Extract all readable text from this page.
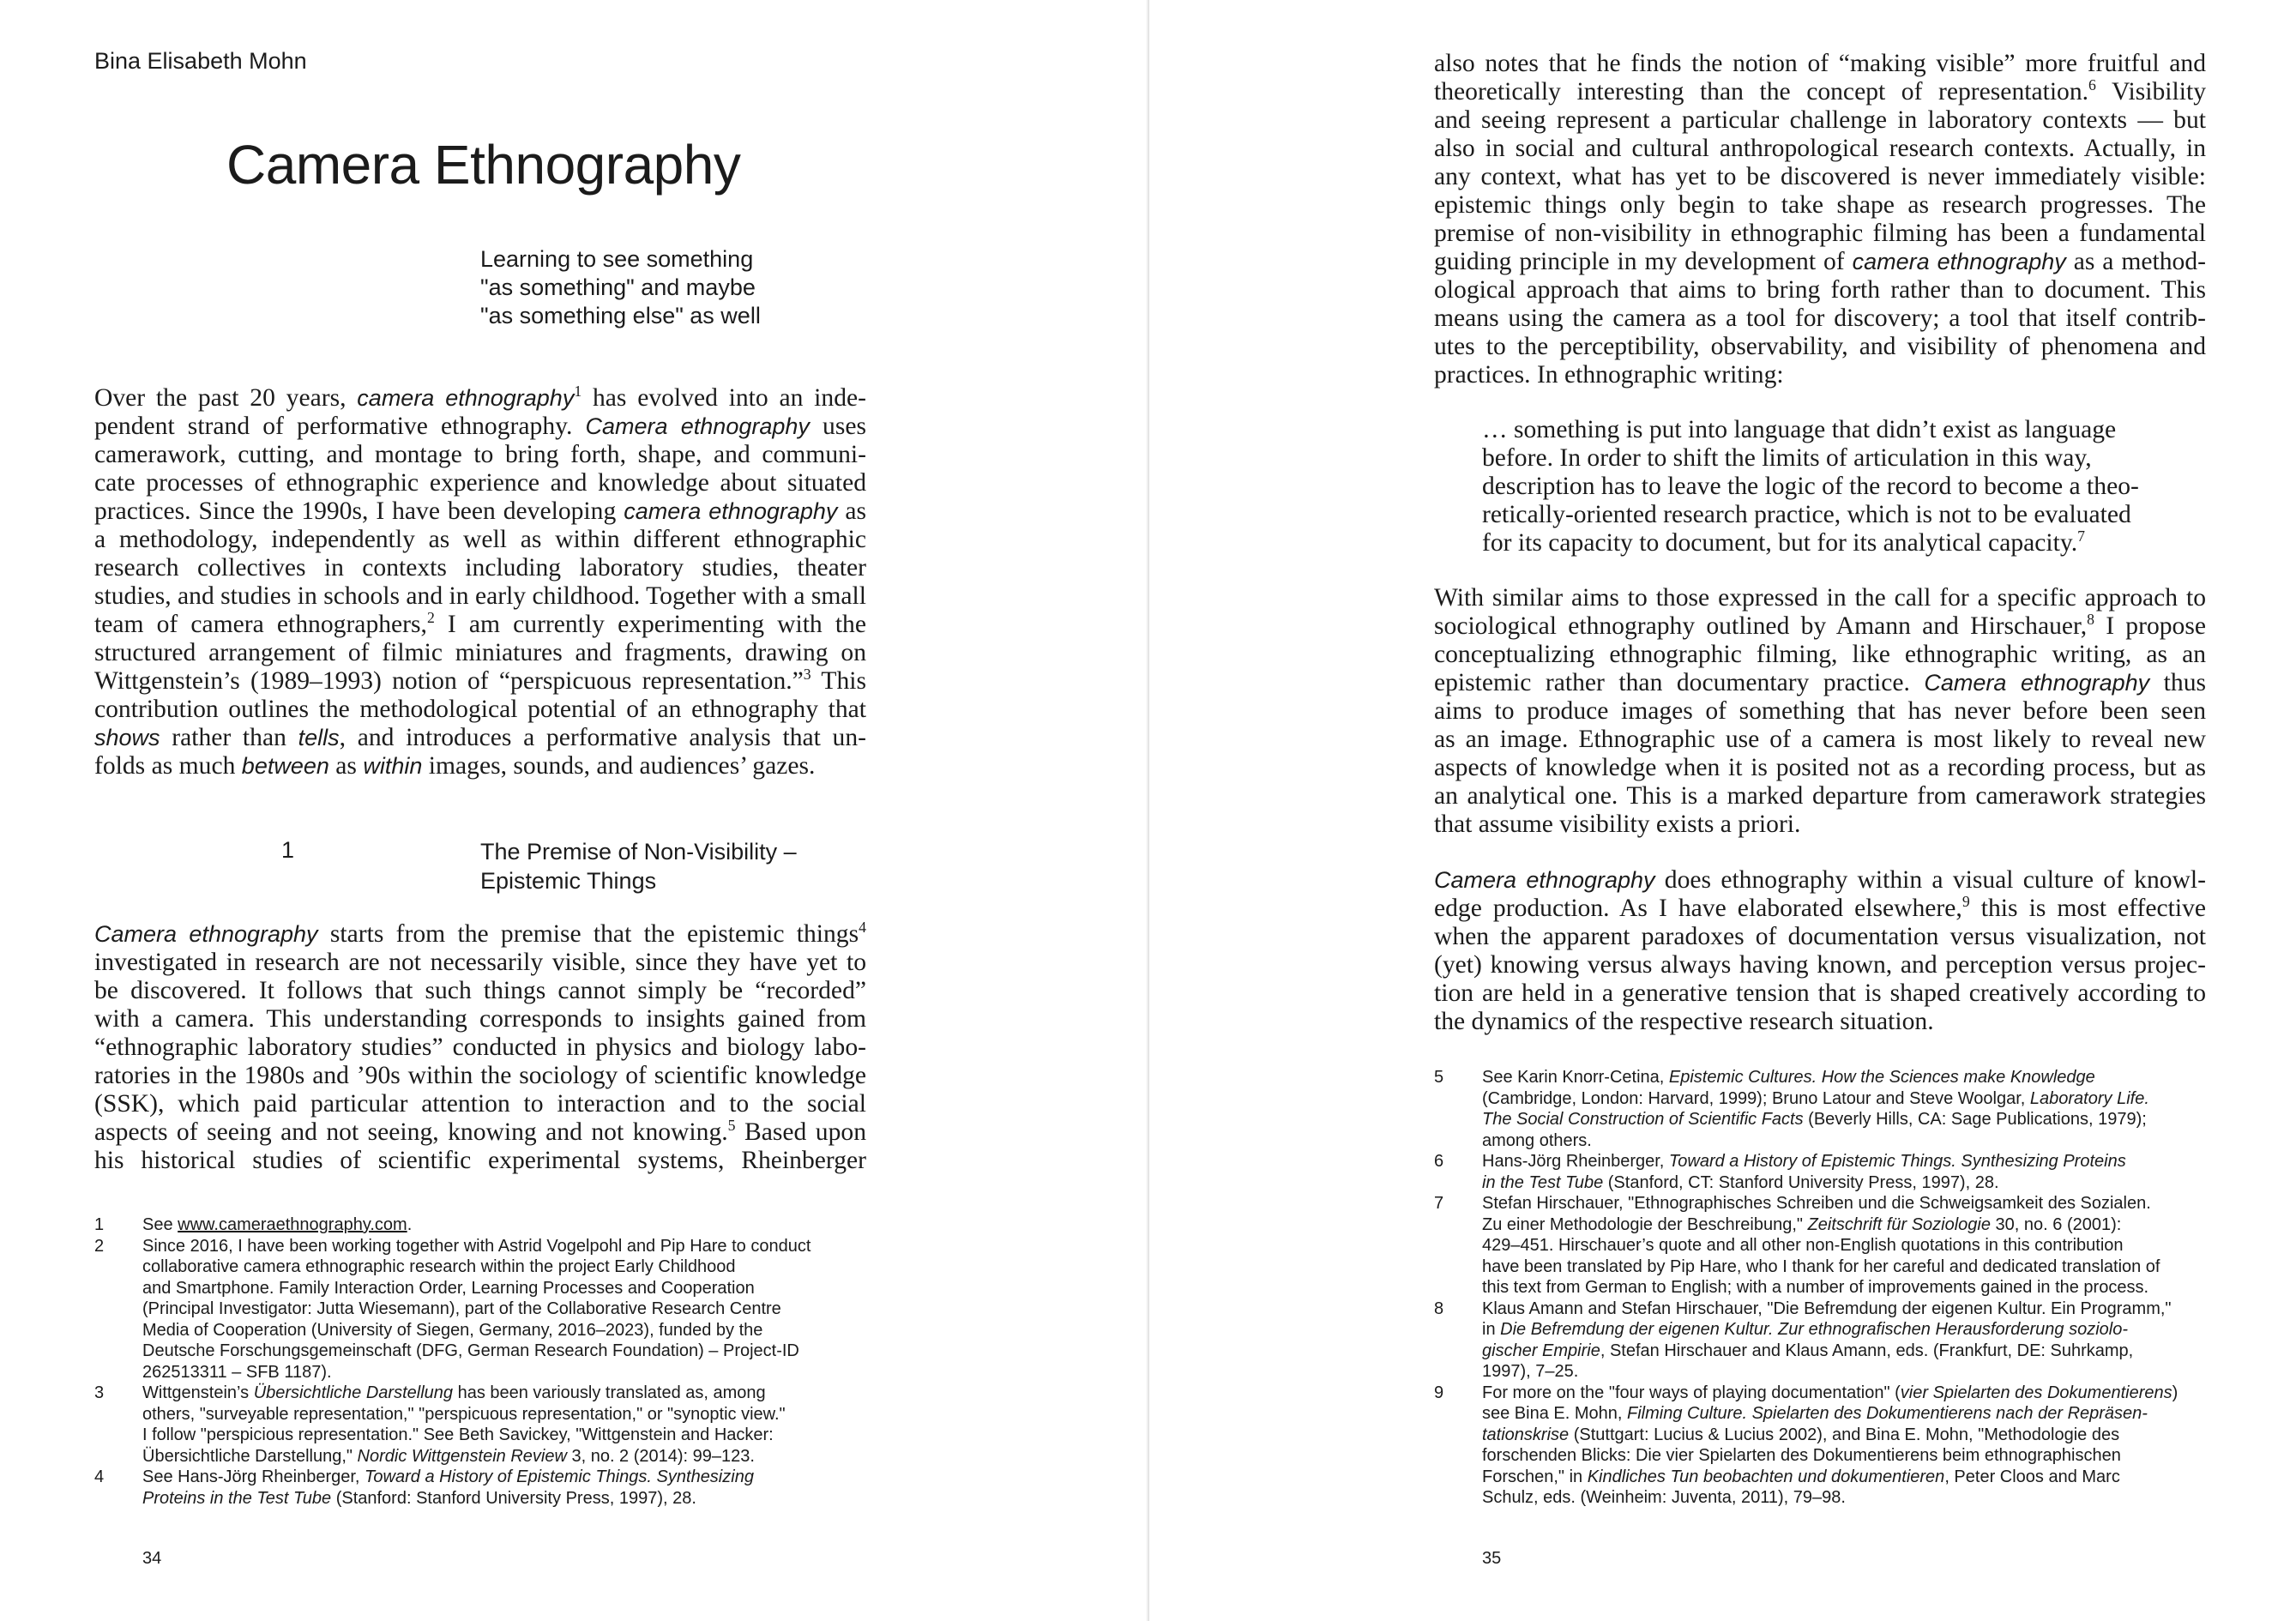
Bina Elisabeth Mohn
Camera Ethnography
Learning to see something
"as something" and maybe
"as something else" as well
Over the past 20 years, camera ethnography$^1$ has evolved into an inde-
pendent strand of performative ethnography. Camera ethnography uses
camerawork, cutting, and montage to bring forth, shape, and communi-
cate processes of ethnographic experience and knowledge about situated
practices. Since the 1990s, I have been developing camera ethnography as
a methodology, independently as well as within different ethnographic
research collectives in contexts including laboratory studies, theater
studies, and studies in schools and in early childhood. Together with a small
team of camera ethnographers,$^2$ I am currently experimenting with the
structured arrangement of filmic miniatures and fragments, drawing on
Wittgenstein’s (1989–1993) notion of “perspicuous representation.”$^3$ This
contribution outlines the methodological potential of an ethnography that
shows rather than tells, and introduces a performative analysis that un-
folds as much between as within images, sounds, and audiences’ gazes.
1	The Premise of Non-Visibility –
Epistemic Things
Camera ethnography starts from the premise that the epistemic things$^4$
investigated in research are not necessarily visible, since they have yet to
be discovered. It follows that such things cannot simply be “recorded”
with a camera. This understanding corresponds to insights gained from
“ethnographic laboratory studies” conducted in physics and biology labo-
ratories in the 1980s and ’90s within the sociology of scientific knowledge
(SSK), which paid particular attention to interaction and to the social
aspects of seeing and not seeing, knowing and not knowing.$^5$ Based upon
his historical studies of scientific experimental systems, Rheinberger
1 See www.cameraethnography.com.
2 Since 2016, I have been working together with Astrid Vogelpohl and Pip Hare to conduct
collaborative camera ethnographic research within the project Early Childhood
and Smartphone. Family Interaction Order, Learning Processes and Cooperation
(Principal Investigator: Jutta Wiesemann), part of the Collaborative Research Centre
Media of Cooperation (University of Siegen, Germany, 2016–2023), funded by the
Deutsche Forschungsgemeinschaft (DFG, German Research Foundation) – Project-ID
262513311 – SFB 1187).
3 Wittgenstein’s Übersichtliche Darstellung has been variously translated as, among
others, "surveyable representation," "perspicuous representation," or "synoptic view."
I follow "perspicious representation." See Beth Savickey, "Wittgenstein and Hacker:
Übersichtliche Darstellung," Nordic Wittgenstein Review 3, no. 2 (2014): 99–123.
4 See Hans-Jörg Rheinberger, Toward a History of Epistemic Things. Synthesizing
Proteins in the Test Tube (Stanford: Stanford University Press, 1997), 28.
34
also notes that he finds the notion of “making visible” more fruitful and
theoretically interesting than the concept of representation.$^6$ Visibility
and seeing represent a particular challenge in laboratory contexts — but
also in social and cultural anthropological research contexts. Actually, in
any context, what has yet to be discovered is never immediately visible:
epistemic things only begin to take shape as research progresses. The
premise of non-visibility in ethnographic filming has been a fundamental
guiding principle in my development of camera ethnography as a method-
ological approach that aims to bring forth rather than to document. This
means using the camera as a tool for discovery; a tool that itself contrib-
utes to the perceptibility, observability, and visibility of phenomena and
practices. In ethnographic writing:
… something is put into language that didn’t exist as language
before. In order to shift the limits of articulation in this way,
description has to leave the logic of the record to become a theo-
retically-oriented research practice, which is not to be evaluated
for its capacity to document, but for its analytical capacity.$^7$
With similar aims to those expressed in the call for a specific approach to
sociological ethnography outlined by Amann and Hirschauer,$^8$ I propose
conceptualizing ethnographic filming, like ethnographic writing, as an
epistemic rather than documentary practice. Camera ethnography thus
aims to produce images of something that has never before been seen
as an image. Ethnographic use of a camera is most likely to reveal new
aspects of knowledge when it is posited not as a recording process, but as
an analytical one. This is a marked departure from camerawork strategies
that assume visibility exists a priori.
Camera ethnography does ethnography within a visual culture of knowl-
edge production. As I have elaborated elsewhere,$^9$ this is most effective
when the apparent paradoxes of documentation versus visualization, not
(yet) knowing versus always having known, and perception versus projec-
tion are held in a generative tension that is shaped creatively according to
the dynamics of the respective research situation.
5 See Karin Knorr-Cetina, Epistemic Cultures. How the Sciences make Knowledge
(Cambridge, London: Harvard, 1999); Bruno Latour and Steve Woolgar, Laboratory Life.
The Social Construction of Scientific Facts (Beverly Hills, CA: Sage Publications, 1979);
among others.
6 Hans-Jörg Rheinberger, Toward a History of Epistemic Things. Synthesizing Proteins
in the Test Tube (Stanford, CT: Stanford University Press, 1997), 28.
7 Stefan Hirschauer, "Ethnographisches Schreiben und die Schweigsamkeit des Sozialen.
Zu einer Methodologie der Beschreibung," Zeitschrift für Soziologie 30, no. 6 (2001):
429–451. Hirschauer’s quote and all other non-English quotations in this contribution
have been translated by Pip Hare, who I thank for her careful and dedicated translation of
this text from German to English; with a number of improvements gained in the process.
8 Klaus Amann and Stefan Hirschauer, "Die Befremdung der eigenen Kultur. Ein Programm,"
in Die Befremdung der eigenen Kultur. Zur ethnografischen Herausforderung soziolo-
gischer Empirie, Stefan Hirschauer and Klaus Amann, eds. (Frankfurt, DE: Suhrkamp,
1997), 7–25.
9 For more on the "four ways of playing documentation" (vier Spielarten des Dokumentierens)
see Bina E. Mohn, Filming Culture. Spielarten des Dokumentierens nach der Repräsen-
tationskrise (Stuttgart: Lucius & Lucius 2002), and Bina E. Mohn, "Methodologie des
forschenden Blicks: Die vier Spielarten des Dokumentierens beim ethnographischen
Forschen," in Kindliches Tun beobachten und dokumentieren, Peter Cloos and Marc
Schulz, eds. (Weinheim: Juventa, 2011), 79–98.
35
